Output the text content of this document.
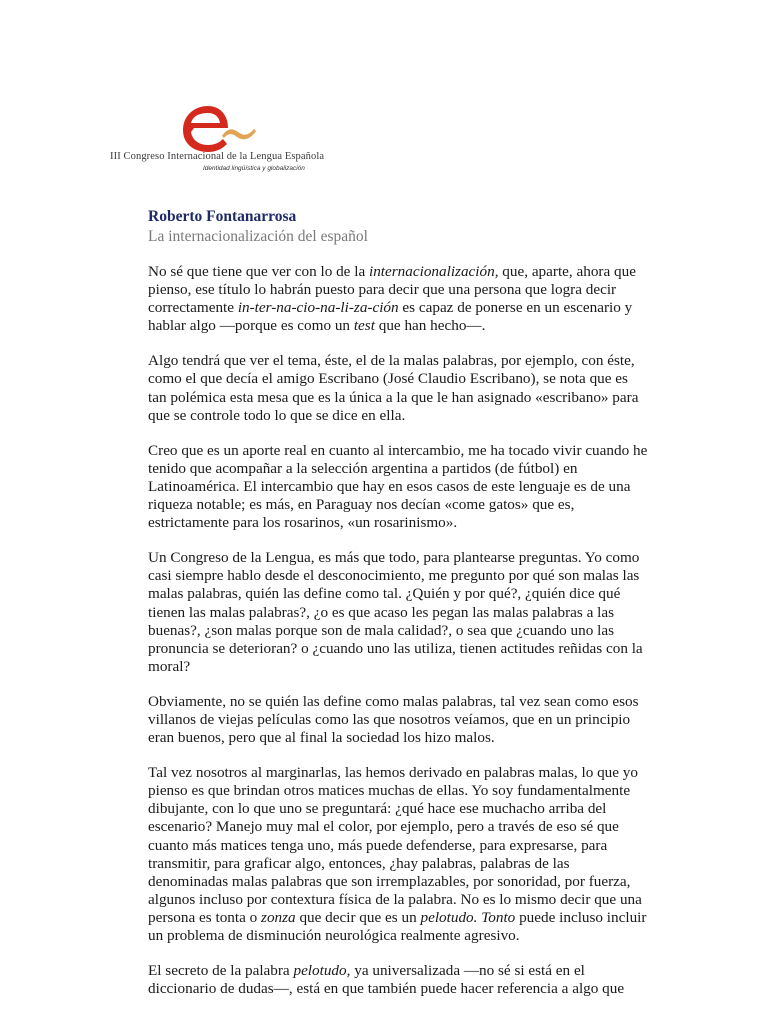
III Congreso Internacional de la Lengua Española
Identidad lingüística y globalización

Roberto Fontanarrosa

La internacionalización del español

No sé que tiene que ver con lo de la internacionalización, que, aparte, ahora que
pienso, ese título lo habrán puesto para decir que una persona que logra decir
correctamente in-ter-na-cio-na-li-za-ción es capaz de ponerse en un escenario y
hablar algo —porque es como un test que han hecho—.

Algo tendrá que ver el tema, éste, el de la malas palabras, por ejemplo, con éste,
como el que decía el amigo Escribano (José Claudio Escribano), se nota que es
tan polémica esta mesa que es la única a la que le han asignado «escribano» para
que se controle todo lo que se dice en ella.

Creo que es un aporte real en cuanto al intercambio, me ha tocado vivir cuando he
tenido que acompañar a la selección argentina a partidos (de fútbol) en
Latinoamérica. El intercambio que hay en esos casos de este lenguaje es de una
riqueza notable; es más, en Paraguay nos decían «come gatos» que es,
estrictamente para los rosarinos, «un rosarinismo».

Un Congreso de la Lengua, es más que todo, para plantearse preguntas. Yo como
casi siempre hablo desde el desconocimiento, me pregunto por qué son malas las
malas palabras, quién las define como tal. ¿Quién y por qué?, ¿quién dice qué
tienen las malas palabras?, ¿o es que acaso les pegan las malas palabras a las
buenas?, ¿son malas porque son de mala calidad?, o sea que ¿cuando uno las
pronuncia se deterioran? o ¿cuando uno las utiliza, tienen actitudes reñidas con la
moral?

Obviamente, no se quién las define como malas palabras, tal vez sean como esos
villanos de viejas películas como las que nosotros veíamos, que en un principio
eran buenos, pero que al final la sociedad los hizo malos.

Tal vez nosotros al marginarlas, las hemos derivado en palabras malas, lo que yo
pienso es que brindan otros matices muchas de ellas. Yo soy fundamentalmente
dibujante, con lo que uno se preguntará: ¿qué hace ese muchacho arriba del
escenario? Manejo muy mal el color, por ejemplo, pero a través de eso sé que
cuanto más matices tenga uno, más puede defenderse, para expresarse, para
transmitir, para graficar algo, entonces, ¿hay palabras, palabras de las
denominadas malas palabras que son irremplazables, por sonoridad, por fuerza,
algunos incluso por contextura física de la palabra. No es lo mismo decir que una
persona es tonta o zonza que decir que es un pelotudo. Tonto puede incluso incluir
un problema de disminución neurológica realmente agresivo.

El secreto de la palabra pelotudo, ya universalizada —no sé si está en el
diccionario de dudas—, está en que también puede hacer referencia a algo que
